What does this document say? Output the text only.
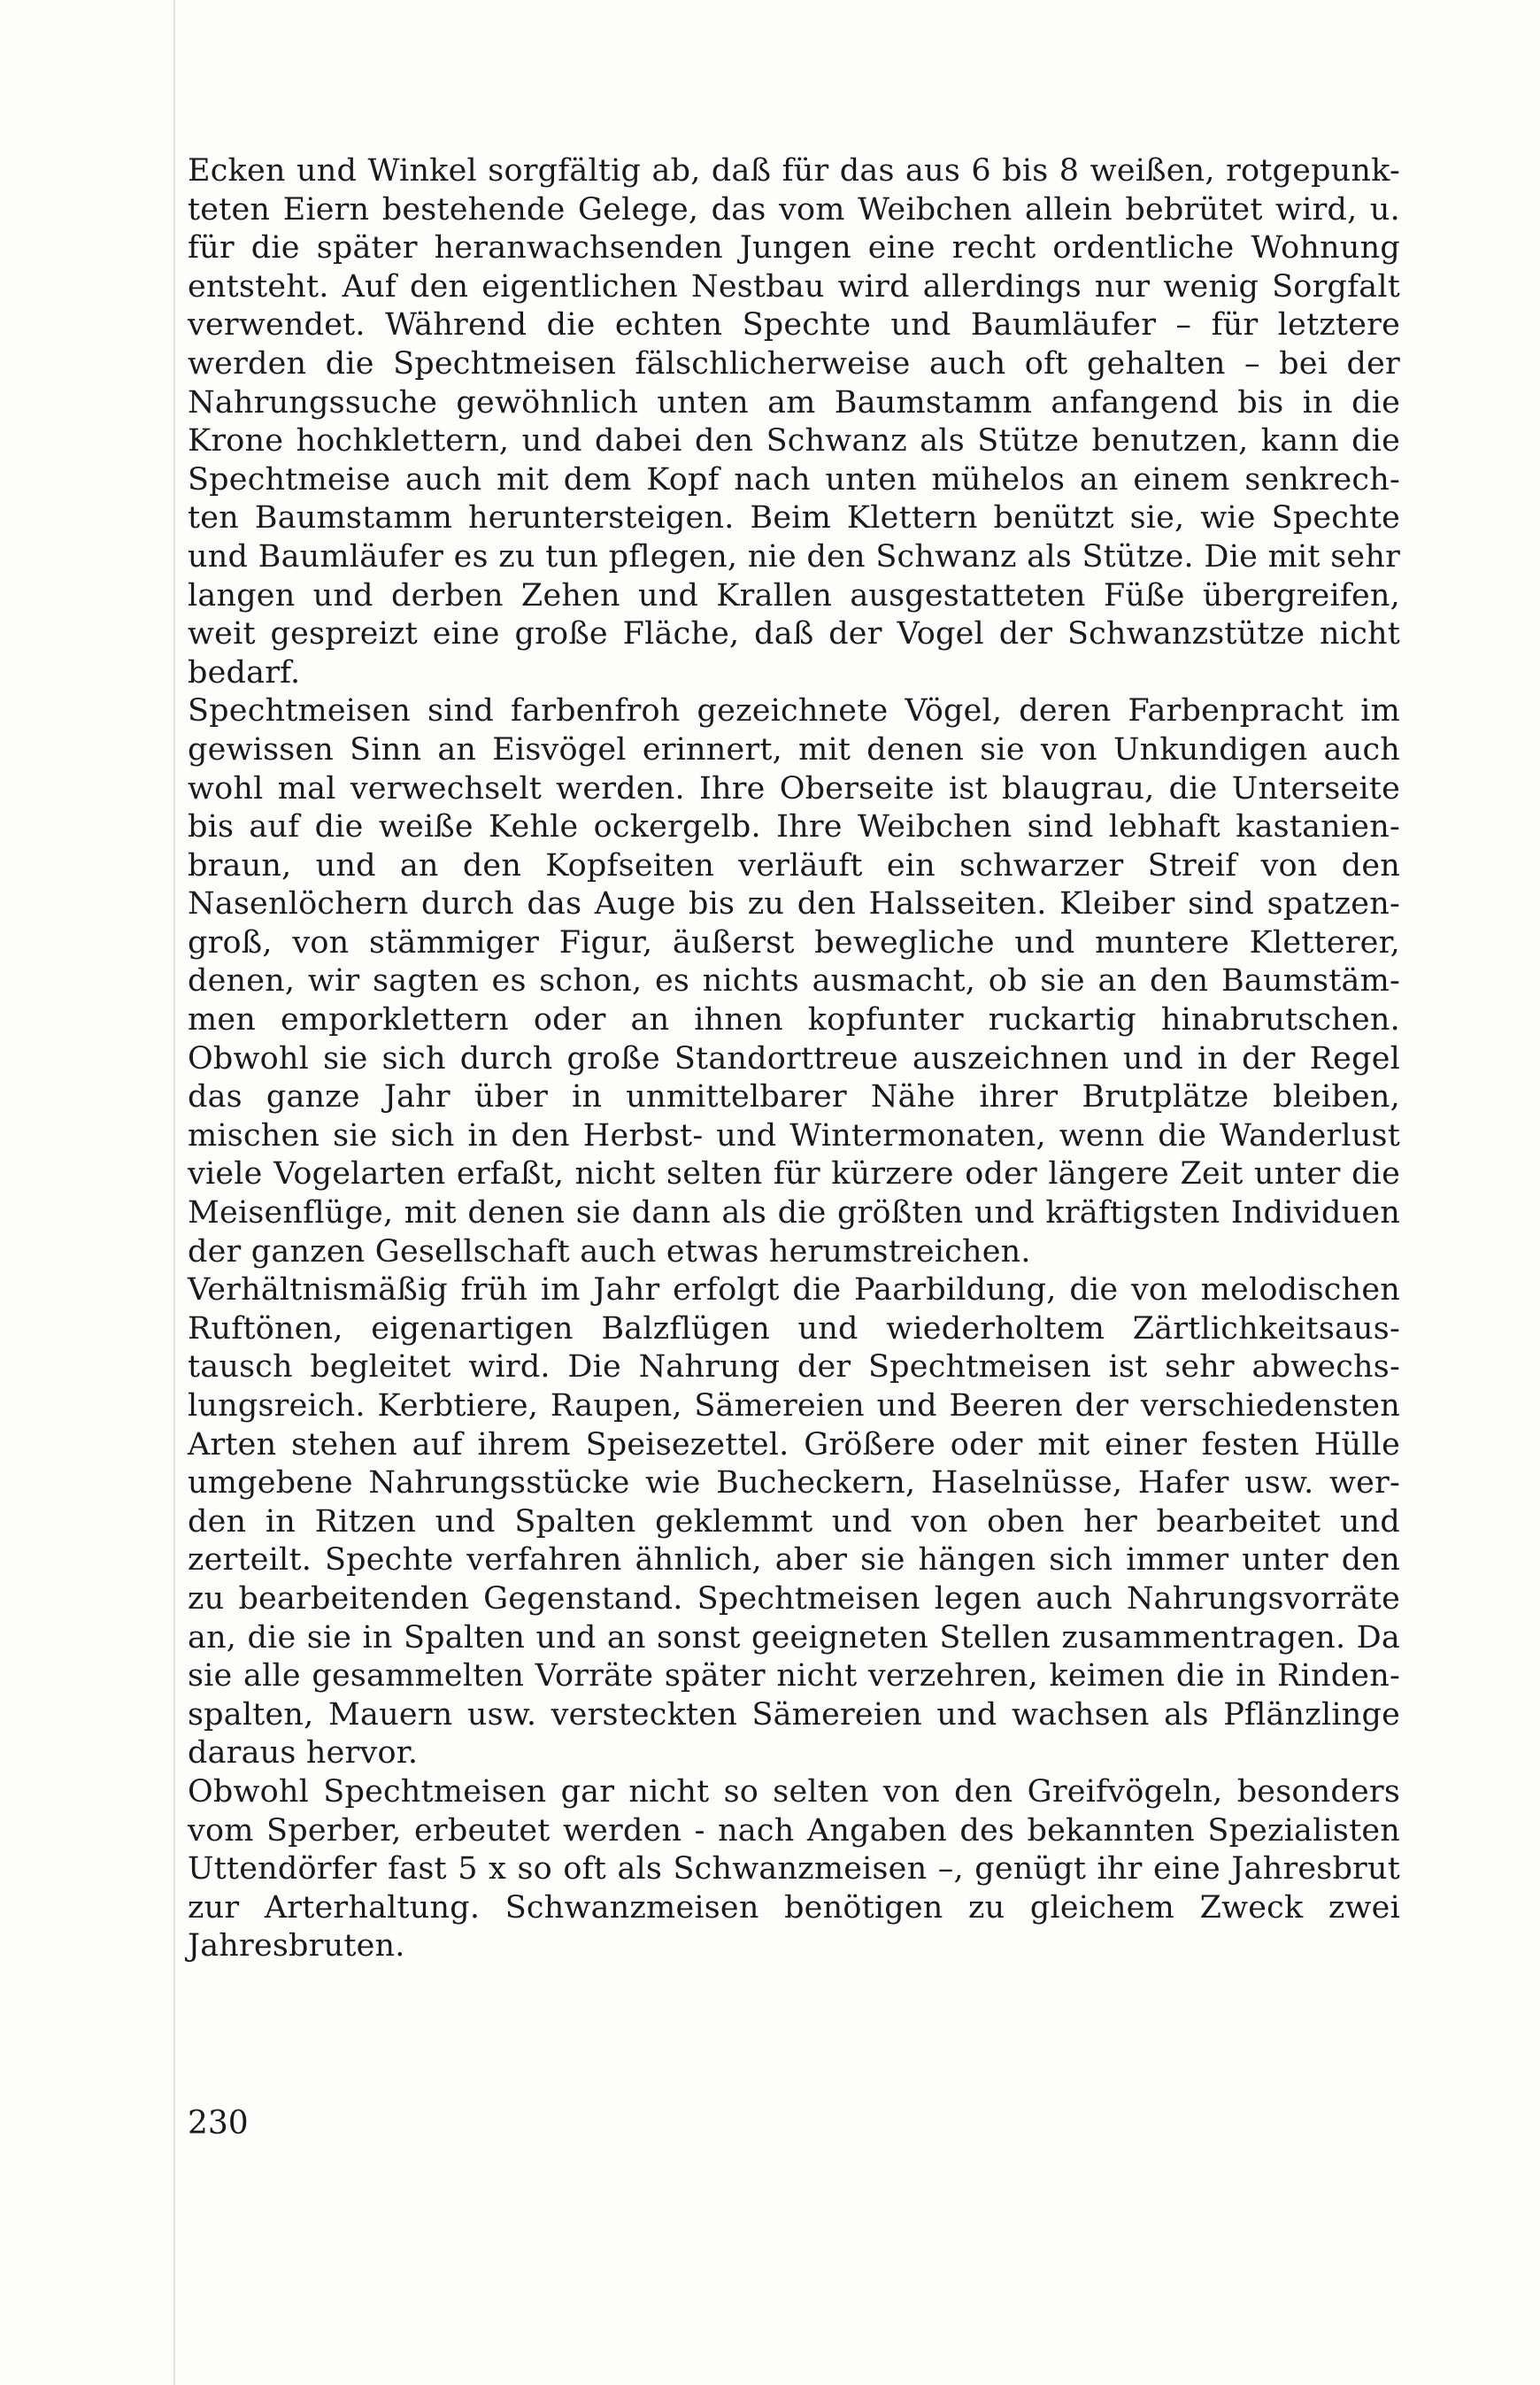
Ecken und Winkel sorgfältig ab, daß für das aus 6 bis 8 weißen, rotgepunk-
teten Eiern bestehende Gelege, das vom Weibchen allein bebrütet wird, u.
für die später heranwachsenden Jungen eine recht ordentliche Wohnung
entsteht. Auf den eigentlichen Nestbau wird allerdings nur wenig Sorgfalt
verwendet. Während die echten Spechte und Baumläufer – für letztere
werden die Spechtmeisen fälschlicherweise auch oft gehalten – bei der
Nahrungssuche gewöhnlich unten am Baumstamm anfangend bis in die
Krone hochklettern, und dabei den Schwanz als Stütze benutzen, kann die
Spechtmeise auch mit dem Kopf nach unten mühelos an einem senkrech-
ten Baumstamm heruntersteigen. Beim Klettern benützt sie, wie Spechte
und Baumläufer es zu tun pflegen, nie den Schwanz als Stütze. Die mit sehr
langen und derben Zehen und Krallen ausgestatteten Füße übergreifen,
weit gespreizt eine große Fläche, daß der Vogel der Schwanzstütze nicht
bedarf.
Spechtmeisen sind farbenfroh gezeichnete Vögel, deren Farbenpracht im
gewissen Sinn an Eisvögel erinnert, mit denen sie von Unkundigen auch
wohl mal verwechselt werden. Ihre Oberseite ist blaugrau, die Unterseite
bis auf die weiße Kehle ockergelb. Ihre Weibchen sind lebhaft kastanien-
braun, und an den Kopfseiten verläuft ein schwarzer Streif von den
Nasenlöchern durch das Auge bis zu den Halsseiten. Kleiber sind spatzen-
groß, von stämmiger Figur, äußerst bewegliche und muntere Kletterer,
denen, wir sagten es schon, es nichts ausmacht, ob sie an den Baumstäm-
men emporklettern oder an ihnen kopfunter ruckartig hinabrutschen.
Obwohl sie sich durch große Standorttreue auszeichnen und in der Regel
das ganze Jahr über in unmittelbarer Nähe ihrer Brutplätze bleiben,
mischen sie sich in den Herbst- und Wintermonaten, wenn die Wanderlust
viele Vogelarten erfaßt, nicht selten für kürzere oder längere Zeit unter die
Meisenflüge, mit denen sie dann als die größten und kräftigsten Individuen
der ganzen Gesellschaft auch etwas herumstreichen.
Verhältnismäßig früh im Jahr erfolgt die Paarbildung, die von melodischen
Ruftönen, eigenartigen Balzflügen und wiederholtem Zärtlichkeitsaus-
tausch begleitet wird. Die Nahrung der Spechtmeisen ist sehr abwechs-
lungsreich. Kerbtiere, Raupen, Sämereien und Beeren der verschiedensten
Arten stehen auf ihrem Speisezettel. Größere oder mit einer festen Hülle
umgebene Nahrungsstücke wie Bucheckern, Haselnüsse, Hafer usw. wer-
den in Ritzen und Spalten geklemmt und von oben her bearbeitet und
zerteilt. Spechte verfahren ähnlich, aber sie hängen sich immer unter den
zu bearbeitenden Gegenstand. Spechtmeisen legen auch Nahrungsvorräte
an, die sie in Spalten und an sonst geeigneten Stellen zusammentragen. Da
sie alle gesammelten Vorräte später nicht verzehren, keimen die in Rinden-
spalten, Mauern usw. versteckten Sämereien und wachsen als Pflänzlinge
daraus hervor.
Obwohl Spechtmeisen gar nicht so selten von den Greifvögeln, besonders
vom Sperber, erbeutet werden - nach Angaben des bekannten Spezialisten
Uttendörfer fast 5 x so oft als Schwanzmeisen –, genügt ihr eine Jahresbrut
zur Arterhaltung. Schwanzmeisen benötigen zu gleichem Zweck zwei
Jahresbruten.
230
